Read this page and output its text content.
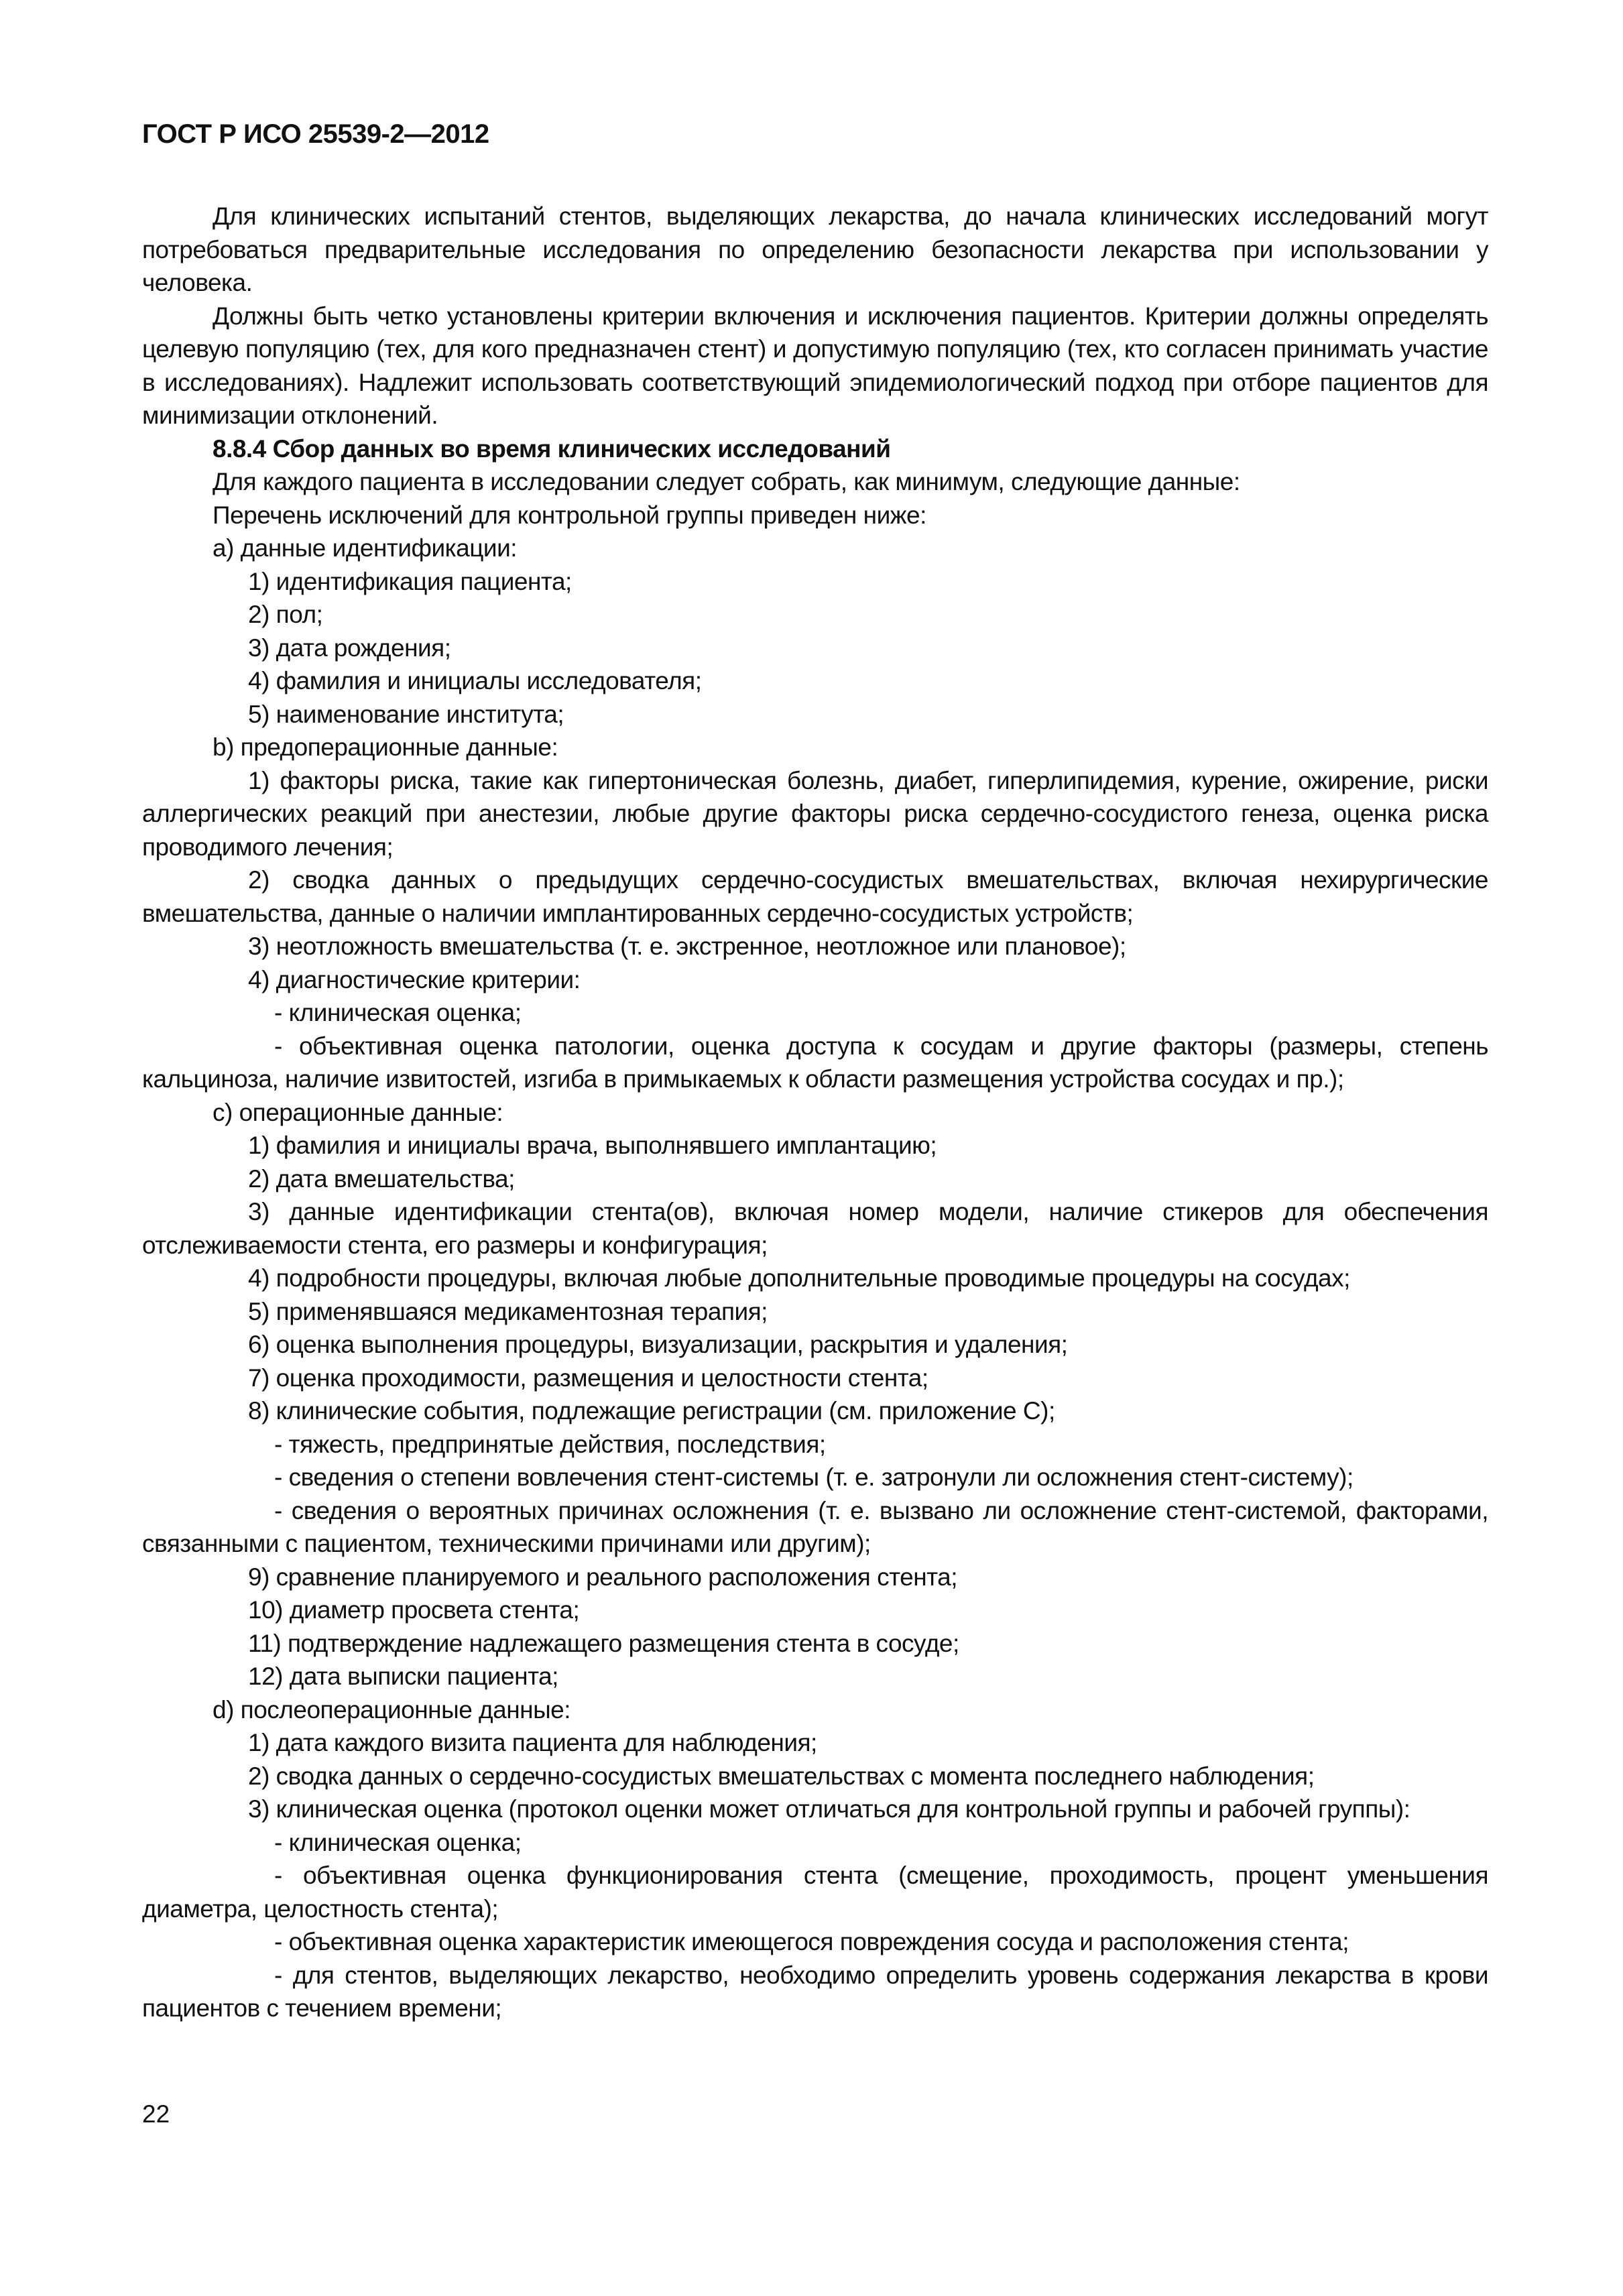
ГОСТ Р ИСО 25539-2—2012

Для клинических испытаний стентов, выделяющих лекарства, до начала клинических исследований могут потребоваться предварительные исследования по определению безопасности лекарства при использовании у человека.

Должны быть четко установлены критерии включения и исключения пациентов. Критерии должны определять целевую популяцию (тех, для кого предназначен стент) и допустимую популяцию (тех, кто согласен принимать участие в исследованиях). Надлежит использовать соответствующий эпидемиологический подход при отборе пациентов для минимизации отклонений.

8.8.4 Сбор данных во время клинических исследований

Для каждого пациента в исследовании следует собрать, как минимум, следующие данные:

Перечень исключений для контрольной группы приведен ниже:

a) данные идентификации:

1) идентификация пациента;

2) пол;

3) дата рождения;

4) фамилия и инициалы исследователя;

5) наименование института;

b) предоперационные данные:

1) факторы риска, такие как гипертоническая болезнь, диабет, гиперлипидемия, курение, ожирение, риски аллергических реакций при анестезии, любые другие факторы риска сердечно-сосудистого генеза, оценка риска проводимого лечения;

2) сводка данных о предыдущих сердечно-сосудистых вмешательствах, включая нехирургические вмешательства, данные о наличии имплантированных сердечно-сосудистых устройств;

3) неотложность вмешательства (т. е. экстренное, неотложное или плановое);

4) диагностические критерии:

- клиническая оценка;

- объективная оценка патологии, оценка доступа к сосудам и другие факторы (размеры, степень кальциноза, наличие извитостей, изгиба в примыкаемых к области размещения устройства сосудах и пр.);

c) операционные данные:

1) фамилия и инициалы врача, выполнявшего имплантацию;

2) дата вмешательства;

3) данные идентификации стента(ов), включая номер модели, наличие стикеров для обеспечения отслеживаемости стента, его размеры и конфигурация;

4) подробности процедуры, включая любые дополнительные проводимые процедуры на сосудах;

5) применявшаяся медикаментозная терапия;

6) оценка выполнения процедуры, визуализации, раскрытия и удаления;

7) оценка проходимости, размещения и целостности стента;

8) клинические события, подлежащие регистрации (см. приложение С);

- тяжесть, предпринятые действия, последствия;

- сведения о степени вовлечения стент-системы (т. е. затронули ли осложнения стент-систему);

- сведения о вероятных причинах осложнения (т. е. вызвано ли осложнение стент-системой, факторами, связанными с пациентом, техническими причинами или другим);

9) сравнение планируемого и реального расположения стента;

10) диаметр просвета стента;

11) подтверждение надлежащего размещения стента в сосуде;

12) дата выписки пациента;

d) послеоперационные данные:

1) дата каждого визита пациента для наблюдения;

2) сводка данных о сердечно-сосудистых вмешательствах с момента последнего наблюдения;

3) клиническая оценка (протокол оценки может отличаться для контрольной группы и рабочей группы):

- клиническая оценка;

- объективная оценка функционирования стента (смещение, проходимость, процент уменьшения диаметра, целостность стента);

- объективная оценка характеристик имеющегося повреждения сосуда и расположения стента;

- для стентов, выделяющих лекарство, необходимо определить уровень содержания лекарства в крови пациентов с течением времени;

22
